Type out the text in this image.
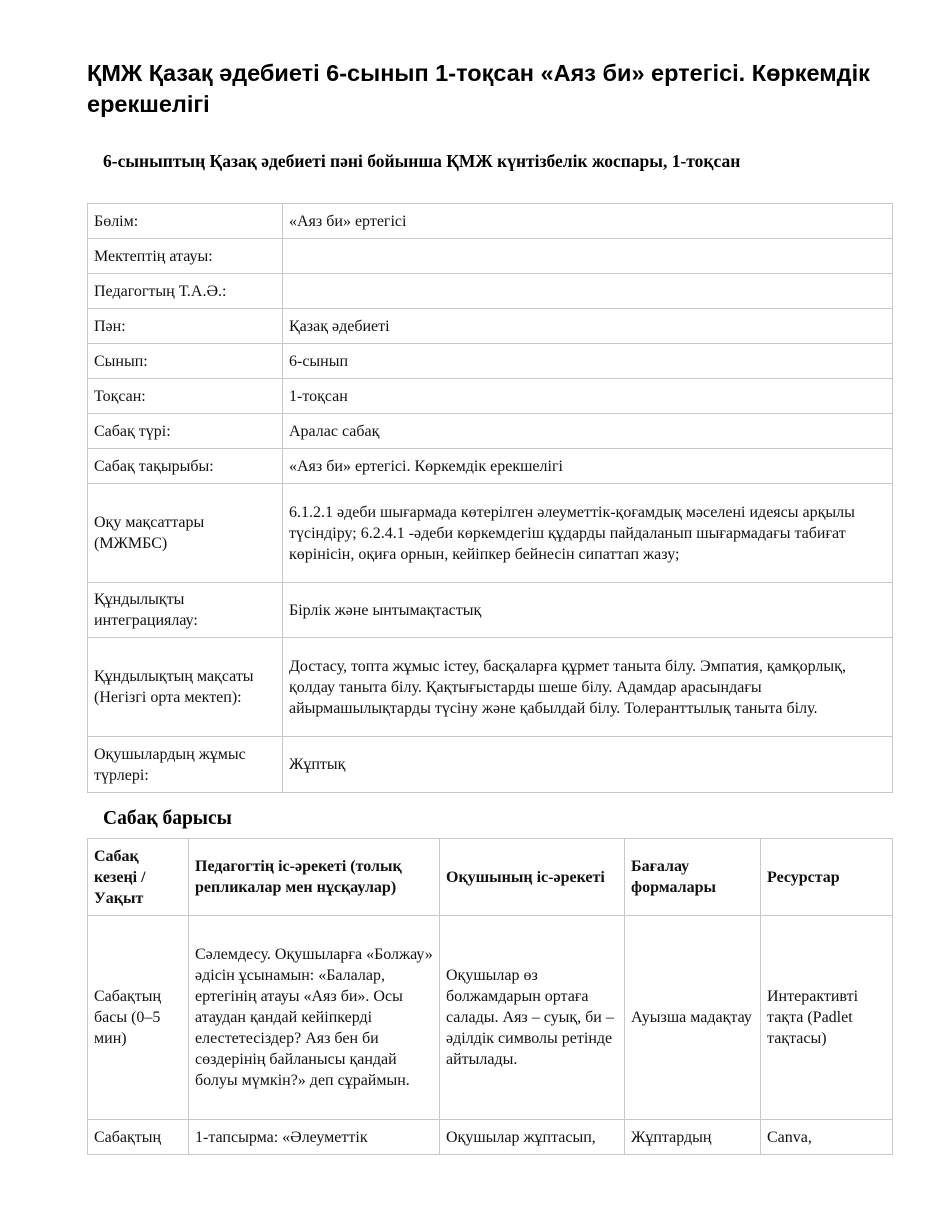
ҚМЖ Қазақ әдебиеті 6-сынып 1-тоқсан «Аяз би» ертегісі. Көркемдік ерекшелігі
6-сыныптың Қазақ әдебиеті пәні бойынша ҚМЖ күнтізбелік жоспары, 1-тоқсан
Бөлім:	«Аяз би» ертегісі
Мектептің атауы:	
Педагогтың Т.А.Ә.:	
Пән:	Қазақ әдебиеті
Сынып:	6-сынып
Тоқсан:	1-тоқсан
Сабақ түрі:	Аралас сабақ
Сабақ тақырыбы:	«Аяз би» ертегісі. Көркемдік ерекшелігі
Оқу мақсаттары (МЖМБС)	6.1.2.1 әдеби шығармада көтерілген әлеуметтік-қоғамдық мәселені идеясы арқылы түсіндіру; 6.2.4.1 -әдеби көркемдегіш құдарды пайдаланып шығармадағы табиғат көрінісін, оқиға орнын, кейіпкер бейнесін сипаттап жазу;
Құндылықты интеграциялау:	Бірлік және ынтымақтастық
Құндылықтың мақсаты (Негізгі орта мектеп):	Достасу, топта жұмыс істеу, басқаларға құрмет таныта білу. Эмпатия, қамқорлық, қолдау таныта білу. Қақтығыстарды шеше білу. Адамдар арасындағы айырмашылықтарды түсіну және қабылдай білу. Толеранттылық таныта білу.
Оқушылардың жұмыс түрлері:	Жұптық
Сабақ барысы
Сабақ кезеңі / Уақыт	Педагогтің іс-әрекеті (толық репликалар мен нұсқаулар)	Оқушының іс-әрекеті	Бағалау формалары	Ресурстар
Сабақтың басы (0–5 мин)	Сәлемдесу. Оқушыларға «Болжау» әдісін ұсынамын: «Балалар, ертегінің атауы «Аяз би». Осы атаудан қандай кейіпкерді елестетесіздер? Аяз бен би сөздерінің байланысы қандай болуы мүмкін?» деп сұраймын.	Оқушылар өз болжамдарын ортаға салады. Аяз – суық, би – әділдік символы ретінде айтылады.	Ауызша мадақтау	Интерактивті тақта (Padlet тақтасы)
Сабақтың	1-тапсырма: «Әлеуметтік	Оқушылар жұптасып,	Жұптардың	Canva,
